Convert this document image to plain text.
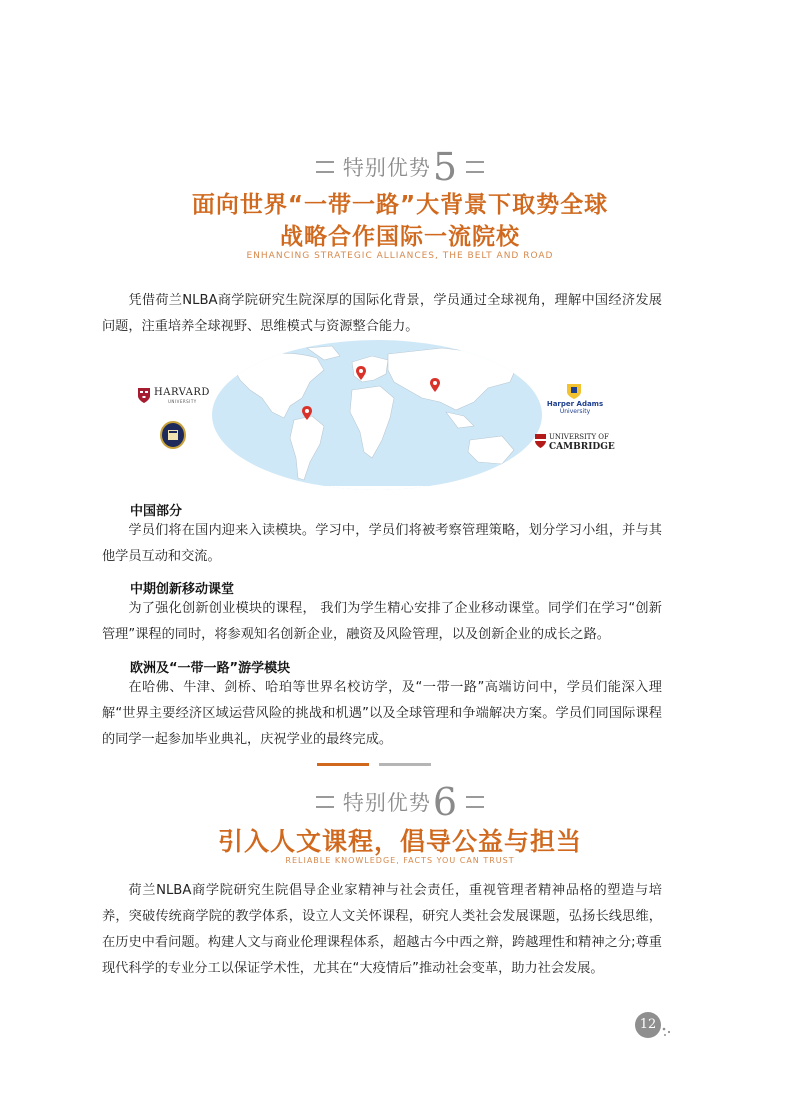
特别优势5
面向世界“一带一路”大背景下取势全球
战略合作国际一流院校
ENHANCING STRATEGIC ALLIANCES, THE BELT AND ROAD
凭借荷兰NLBA商学院研究生院深厚的国际化背景，学员通过全球视角，理解中国经济发展问题，注重培养全球视野、思维模式与资源整合能力。
HARVARD
UNIVERSITY	Harper Adams
University
UNIVERSITY OF
CAMBRIDGE
中国部分
学员们将在国内迎来入读模块。学习中，学员们将被考察管理策略，划分学习小组，并与其他学员互动和交流。
中期创新移动课堂
为了强化创新创业模块的课程， 我们为学生精心安排了企业移动课堂。同学们在学习“创新管理”课程的同时，将参观知名创新企业，融资及风险管理，以及创新企业的成长之路。
欧洲及“一带一路”游学模块
在哈佛、牛津、剑桥、哈珀等世界名校访学，及“一带一路”高端访问中，学员们能深入理解“世界主要经济区域运营风险的挑战和机遇”以及全球管理和争端解决方案。学员们同国际课程的同学一起参加毕业典礼，庆祝学业的最终完成。
特别优势6
引入人文课程，倡导公益与担当
RELIABLE KNOWLEDGE, FACTS YOU CAN TRUST
荷兰NLBA商学院研究生院倡导企业家精神与社会责任，重视管理者精神品格的塑造与培养，突破传统商学院的教学体系，设立人文关怀课程，研究人类社会发展课题，弘扬长线思维，在历史中看问题。构建人文与商业伦理课程体系，超越古今中西之辩，跨越理性和精神之分;尊重现代科学的专业分工以保证学术性，尤其在“大疫情后”推动社会变革，助力社会发展。
12
